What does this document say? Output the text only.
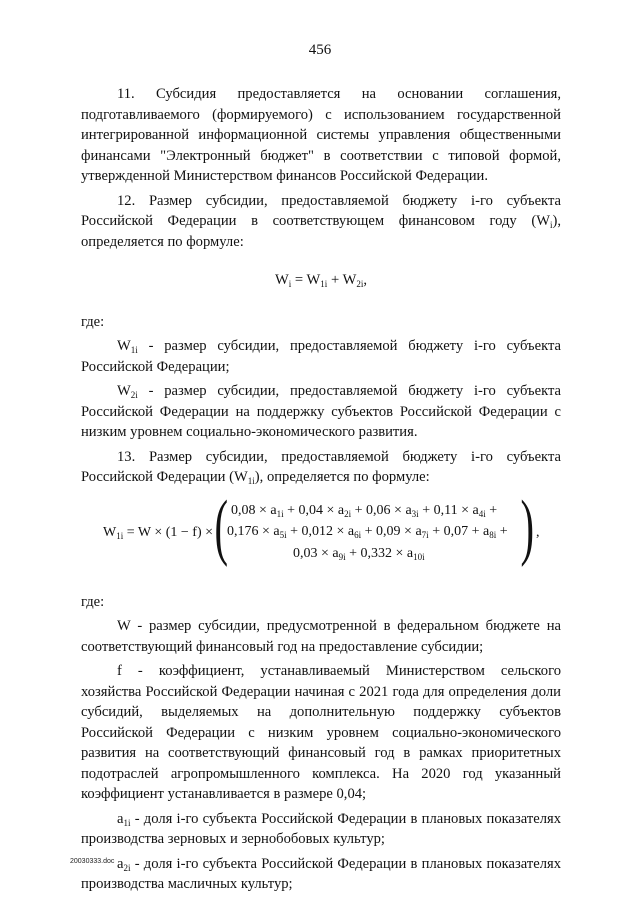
456

11. Субсидия предоставляется на основании соглашения, подготавливаемого (формируемого) с использованием государственной интегрированной информационной системы управления общественными финансами "Электронный бюджет" в соответствии с типовой формой, утвержденной Министерством финансов Российской Федерации.

12. Размер субсидии, предоставляемой бюджету i-го субъекта Российской Федерации в соответствующем финансовом году $(W_i)$, определяется по формуле:

$W_i = W_{1i} + W_{2i}$,

где:

$W_{1i}$ - размер субсидии, предоставляемой бюджету i-го субъекта Российской Федерации;

$W_{2i}$ - размер субсидии, предоставляемой бюджету i-го субъекта Российской Федерации на поддержку субъектов Российской Федерации с низким уровнем социально-экономического развития.

13. Размер субсидии, предоставляемой бюджету i-го субъекта Российской Федерации $(W_{1i})$, определяется по формуле:

$W_{1i} = W \times (1 - f)$ × ( $0,08 \times a_{1i} + 0,04 \times a_{2i} + 0,06 \times a_{3i} + 0,11 \times a_{4i}$ +
$0,176 \times a_{5i} + 0,012 \times a_{6i} + 0,09 \times a_{7i} + 0,07 + a_{8i}$ +
$0,03 \times a_{9i} + 0,332 \times a_{10i}$ ) ,

где:

W - размер субсидии, предусмотренной в федеральном бюджете на соответствующий финансовый год на предоставление субсидии;

f - коэффициент, устанавливаемый Министерством сельского хозяйства Российской Федерации начиная с 2021 года для определения доли субсидий, выделяемых на дополнительную поддержку субъектов Российской Федерации с низким уровнем социально-экономического развития на соответствующий финансовый год в рамках приоритетных подотраслей агропромышленного комплекса. На 2020 год указанный коэффициент устанавливается в размере 0,04;

$a_{1i}$ - доля i-го субъекта Российской Федерации в плановых показателях производства зерновых и зернобобовых культур;

$a_{2i}$ - доля i-го субъекта Российской Федерации в плановых показателях производства масличных культур;

20030333.doc
